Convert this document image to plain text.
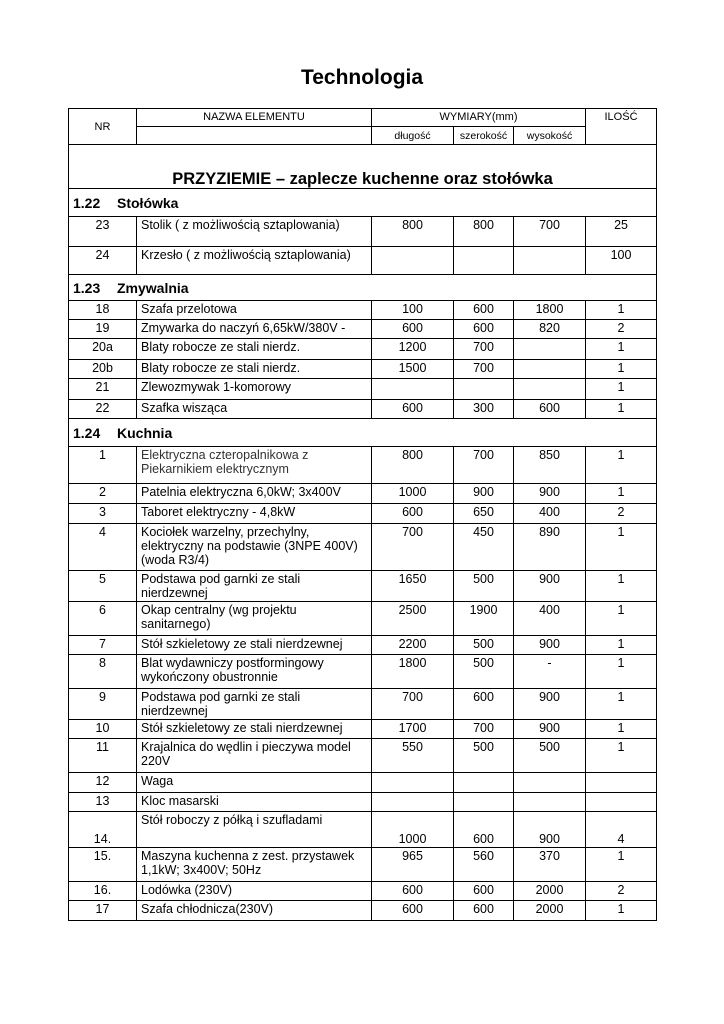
Technologia
NR	NAZWA ELEMENTU	WYMIARY(mm)			ILOŚĆ
		długość	szerokość	wysokość	
PRZYZIEMIE – zaplecze kuchenne oraz stołówka					
1.22 Stołówka					
23	Stolik ( z możliwością sztaplowania)	800	800	700	25
24	Krzesło ( z możliwością sztaplowania)				100
1.23 Zmywalnia					
18	Szafa przelotowa	100	600	1800	1
19	Zmywarka do naczyń 6,65kW/380V -	600	600	820	2
20a	Blaty robocze ze stali nierdz.	1200	700		1
20b	Blaty robocze ze stali nierdz.	1500	700		1
21	Zlewozmywak 1-komorowy				1
22	Szafka wisząca	600	300	600	1
1.24 Kuchnia					
1	Elektryczna czteropalnikowa z Piekarnikiem elektrycznym	800	700	850	1
2	Patelnia elektryczna 6,0kW; 3x400V	1000	900	900	1
3	Taboret elektryczny - 4,8kW	600	650	400	2
4	Kociołek warzelny, przechylny, elektryczny na podstawie (3NPE 400V) (woda R3/4)	700	450	890	1
5	Podstawa pod garnki ze stali nierdzewnej	1650	500	900	1
6	Okap centralny (wg projektu sanitarnego)	2500	1900	400	1
7	Stół szkieletowy ze stali nierdzewnej	2200	500	900	1
8	Blat wydawniczy postformingowy wykończony obustronnie	1800	500	-	1
9	Podstawa pod garnki ze stali nierdzewnej	700	600	900	1
10	Stół szkieletowy ze stali nierdzewnej	1700	700	900	1
11	Krajalnica do wędlin i pieczywa model 220V	550	500	500	1
12	Waga				
13	Kloc masarski				
14.	Stół roboczy z półką i szufladami	1000	600	900	4
15.	Maszyna kuchenna z zest. przystawek 1,1kW; 3x400V; 50Hz	965	560	370	1
16.	Lodówka (230V)	600	600	2000	2
17	Szafa chłodnicza(230V)	600	600	2000	1
